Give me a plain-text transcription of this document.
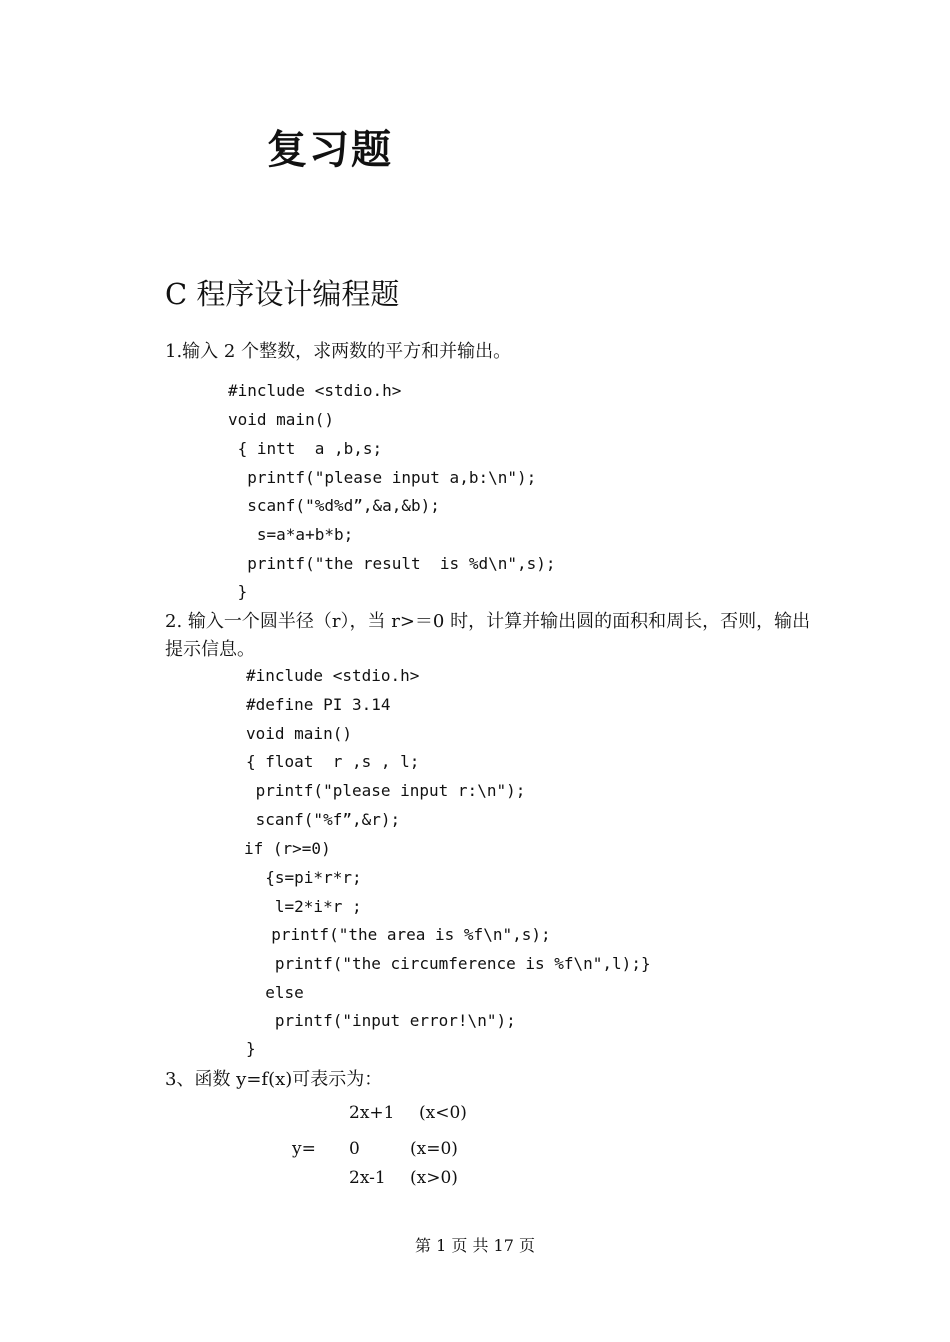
复习题
C 程序设计编程题
1.输入 2 个整数，求两数的平方和并输出。
#include <stdio.h>
void main()
{ intt  a ,b,s;
printf("please input a,b:\n");
scanf("%d%d”,&a,&b);
s=a*a+b*b;
printf("the result  is %d\n",s);
}
2. 输入一个圆半径（r），当 r>＝0 时，计算并输出圆的面积和周长，否则，输出
提示信息。
#include <stdio.h>
#define PI 3.14
void main()
{ float  r ,s , l;
printf("please input r:\n");
scanf("%f”,&r);
if (r>=0)
{s=pi*r*r;
l=2*i*r ;
printf("the area is %f\n",s);
printf("the circumference is %f\n",l);}
else
printf("input error!\n");
}
3、函数 y=f(x)可表示为：
y=
2x+1 (x<0)
0	(x=0)
2x-1 (x>0)
第 1 页 共 17 页
